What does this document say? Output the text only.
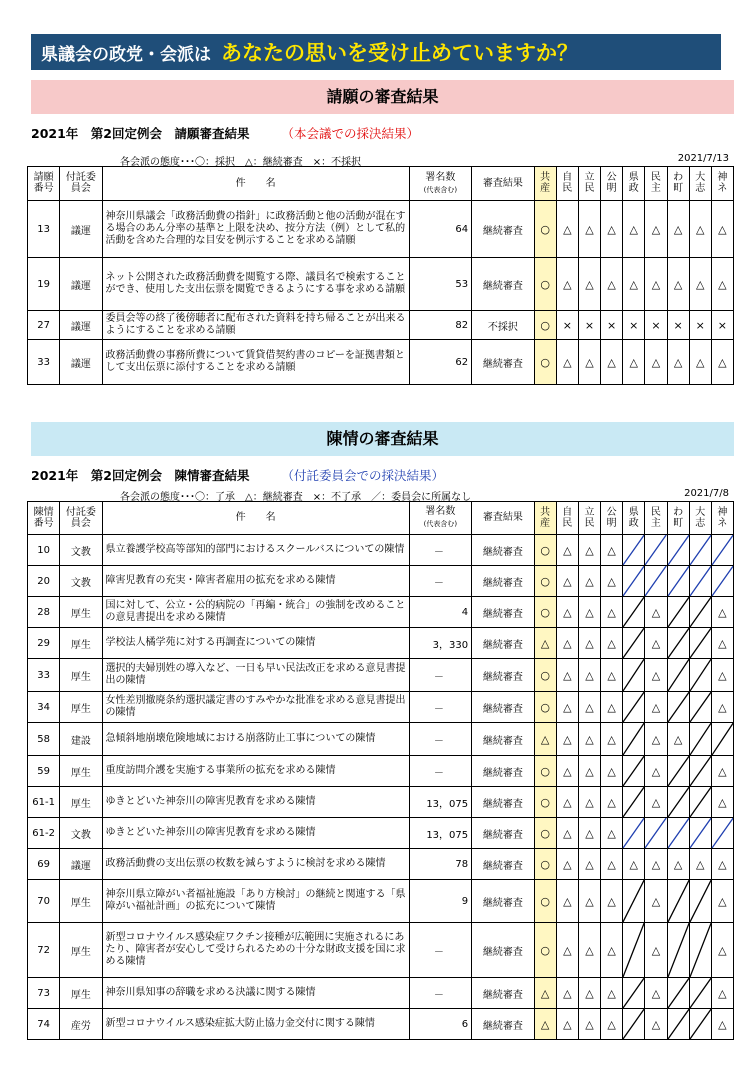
県議会の政党・会派は あなたの思いを受け止めていますか？
請願の審査結果
2021年　第2回定例会　請願審査結果	（本会議での採決結果）
各会派の態度･･･〇：採択　△：継続審査　×：不採択	2021/7/13
請願番号	付託委員会	件　　名	署名数
(代表含む)	審査結果	共産	自民	立民	公明	県政	民主	わ町	大志	神ネ
13	議運	神奈川県議会「政務活動費の指針」に政務活動と他の活動が混在する場合のあん分率の基準と上限を決め、按分方法（例）として私的活動を含めた合理的な目安を例示することを求める請願	64	継続審査	○	△	△	△	△	△	△	△	△
19	議運	ネット公開された政務活動費を閲覧する際、議員名で検索することができ、使用した支出伝票を閲覧できるようにする事を求める請願	53	継続審査	○	△	△	△	△	△	△	△	△
27	議運	委員会等の終了後傍聴者に配布された資料を持ち帰ることが出来るようにすることを求める請願	82	不採択	○	×	×	×	×	×	×	×	×
33	議運	政務活動費の事務所費について賃貸借契約書のコピーを証拠書類として支出伝票に添付することを求める請願	62	継続審査	○	△	△	△	△	△	△	△	△
陳情の審査結果
2021年　第2回定例会　陳情審査結果	（付託委員会での採決結果）
各会派の態度･･･〇：了承　△：継続審査　×：不了承　／：委員会に所属なし	2021/7/8
陳情番号	付託委員会	件　　名	署名数
(代表含む)	審査結果	共産	自民	立民	公明	県政	民主	わ町	大志	神ネ
10	文教	県立養護学校高等部知的部門におけるスクールバスについての陳情	－	継続審査	○	△	△	△	

20	文教	障害児教育の充実・障害者雇用の拡充を求める陳情	－	継続審査	○	△	△	△	

28	厚生	国に対して、公立・公的病院の「再編・統合」の強制を改めることの意見書提出を求める陳情	4	継続審査	○	△	△	△		△			△
29	厚生	学校法人橘学苑に対する再調査についての陳情	3，330	継続審査	△	△	△	△		△			△
33	厚生	選択的夫婦別姓の導入など、一日も早い民法改正を求める意見書提出の陳情	－	継続審査	○	△	△	△		△			△
34	厚生	女性差別撤廃条約選択議定書のすみやかな批准を求める意見書提出の陳情	－	継続審査	○	△	△	△		△			△
58	建設	急傾斜地崩壊危険地域における崩落防止工事についての陳情	－	継続審査	△	△	△	△		△	△	

59	厚生	重度訪問介護を実施する事業所の拡充を求める陳情	－	継続審査	○	△	△	△		△			△
61-1	厚生	ゆきとどいた神奈川の障害児教育を求める陳情	13，075	継続審査	○	△	△	△		△			△
61-2	文教	ゆきとどいた神奈川の障害児教育を求める陳情	13，075	継続審査	○	△	△	△	

69	議運	政務活動費の支出伝票の枚数を減らすように検討を求める陳情	78	継続審査	○	△	△	△	△	△	△	△	△
70	厚生	神奈川県立障がい者福祉施設「あり方検討」の継続と関連する「県障がい福祉計画」の拡充について陳情	9	継続審査	○	△	△	△		△			△
72	厚生	新型コロナウイルス感染症ワクチン接種が広範囲に実施されるにあたり、障害者が安心して受けられるための十分な財政支援を国に求める陳情	－	継続審査	○	△	△	△		△			△
73	厚生	神奈川県知事の辞職を求める決議に関する陳情	－	継続審査	△	△	△	△		△			△
74	産労	新型コロナウイルス感染症拡大防止協力金交付に関する陳情	6	継続審査	△	△	△	△		△			△
